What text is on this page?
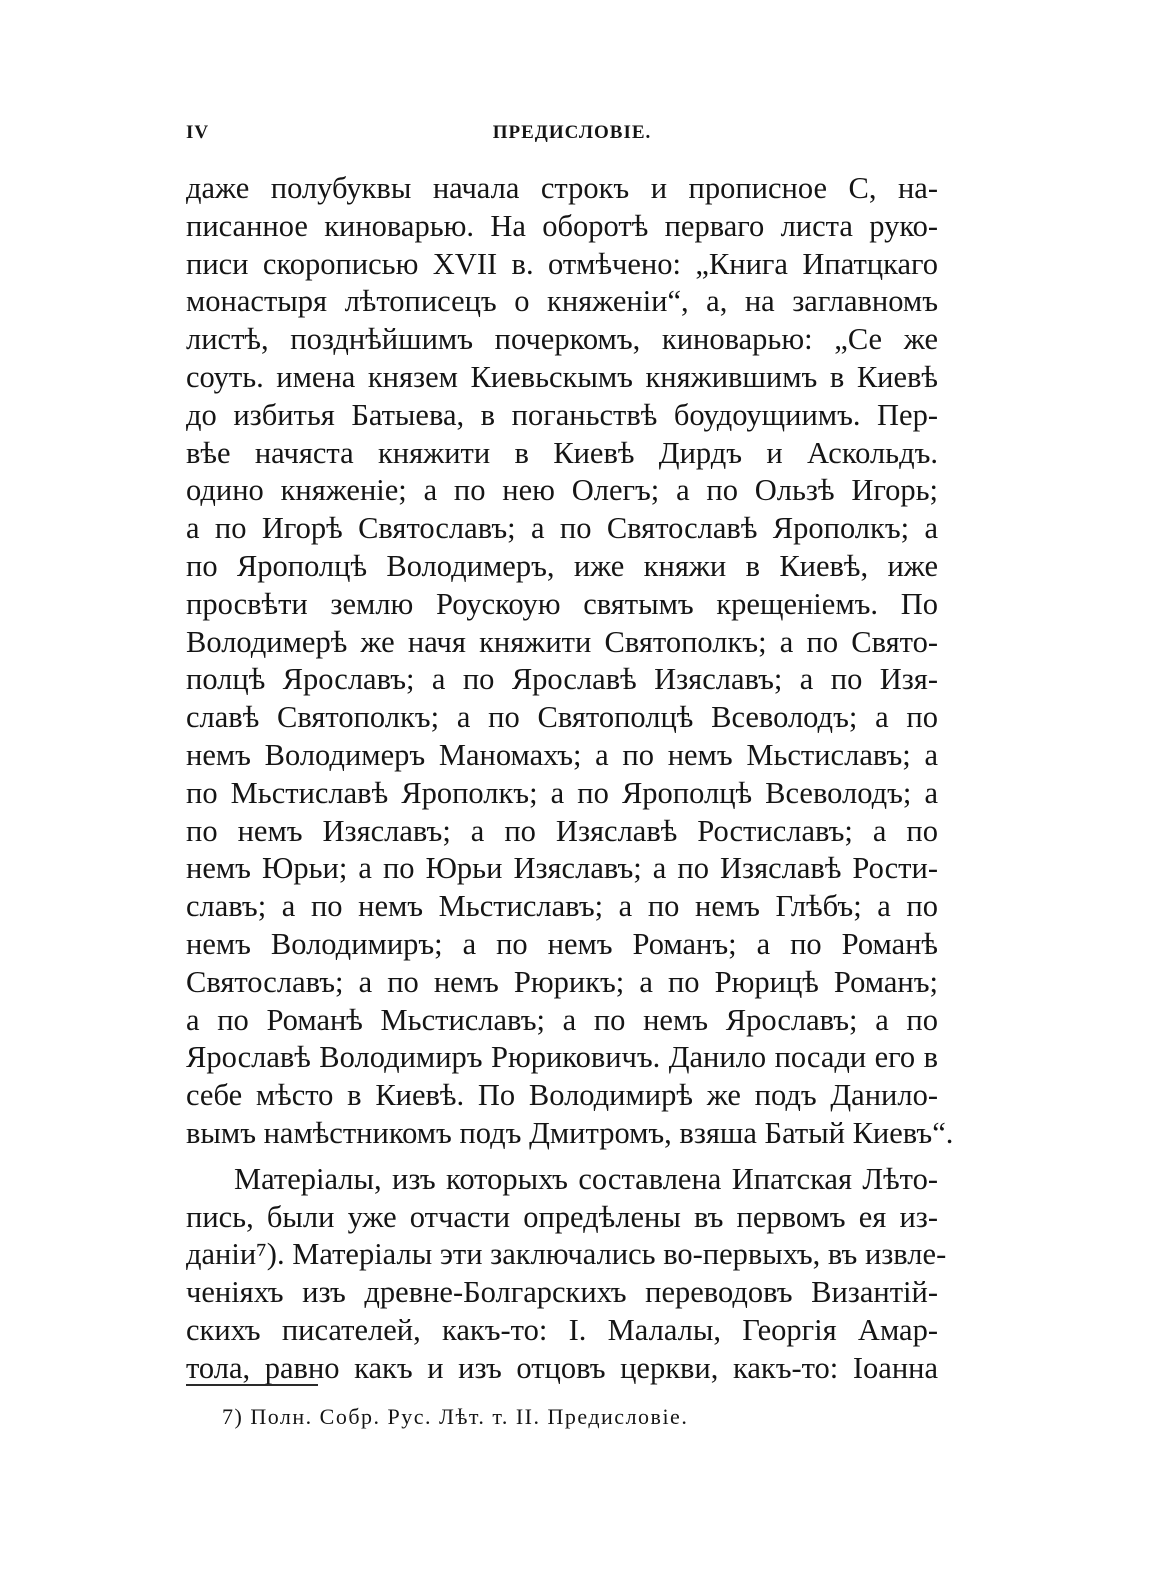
IV	ПРЕДИСЛОВІЕ.
даже полубуквы начала строкъ и прописное С, на-
писанное киноварью. На оборотѣ перваго листа руко-
писи скорописью XVII в. отмѣчено: „Книга Ипатцкаго
монастыря лѣтописецъ о княженіи“, а, на заглавномъ
листѣ, позднѣйшимъ почеркомъ, киноварью: „Се же
соуть. имена князем Киевьскымъ княжившимъ в Киевѣ
до избитья Батыева, в поганьствѣ боудоущиимъ. Пер-
вѣе начяста княжити в Киевѣ Дирдъ и Аскольдъ.
одино княженіе; а по нею Олегъ; а по Ользѣ Игорь;
а по Игорѣ Святославъ; а по Святославѣ Ярополкъ; а
по Ярополцѣ Володимеръ, иже княжи в Киевѣ, иже
просвѣти землю Роускоую святымъ крещеніемъ. По
Володимерѣ же начя княжити Святополкъ; а по Свято-
полцѣ Ярославъ; а по Ярославѣ Изяславъ; а по Изя-
славѣ Святополкъ; а по Святополцѣ Всеволодъ; а по
немъ Володимеръ Маномахъ; а по немъ Мьстиславъ; а
по Мьстиславѣ Ярополкъ; а по Ярополцѣ Всеволодъ; а
по немъ Изяславъ; а по Изяславѣ Ростиславъ; а по
немъ Юрьи; а по Юрьи Изяславъ; а по Изяславѣ Рости-
славъ; а по немъ Мьстиславъ; а по немъ Глѣбъ; а по
немъ Володимиръ; а по немъ Романъ; а по Романѣ
Святославъ; а по немъ Рюрикъ; а по Рюрицѣ Романъ;
а по Романѣ Мьстиславъ; а по немъ Ярославъ; а по
Ярославѣ Володимиръ Рюриковичъ. Данило посади его в
себе мѣсто в Киевѣ. По Володимирѣ же подъ Данило-
вымъ намѣстникомъ подъ Дмитромъ, взяша Батый Киевъ“.
Матеріалы, изъ которыхъ составлена Ипатская Лѣто-
пись, были уже отчасти опредѣлены въ первомъ ея из-
даніи⁷). Матеріалы эти заключались во-первыхъ, въ извле-
ченіяхъ изъ древне-Болгарскихъ переводовъ Византій-
скихъ писателей, какъ-то: І. Малалы, Георгія Амар-
тола, равно какъ и изъ отцовъ церкви, какъ-то: Іоанна
7) Полн. Собр. Рус. Лѣт. т. II. Предисловіе.
